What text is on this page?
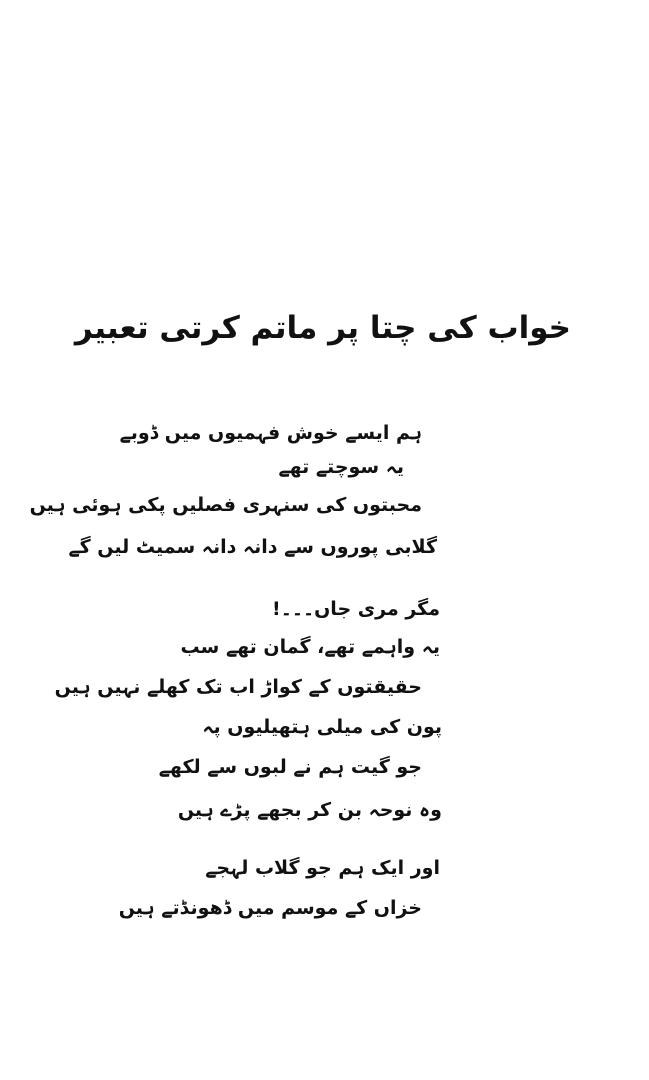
خواب کی چتا پر ماتم کرتی تعبیر
ہم ایسے خوش فہمیوں میں ڈوبے
یہ سوچتے تھے
محبتوں کی سنہری فصلیں پکی ہوئی ہیں
گلابی پوروں سے دانہ دانہ سمیٹ لیں گے
مگر مری جاں۔۔۔!
یہ واہمے تھے، گمان تھے سب
حقیقتوں کے کواڑ اب تک کھلے نہیں ہیں
پون کی میلی ہتھیلیوں پہ
جو گیت ہم نے لبوں سے لکھے
وہ نوحہ بن کر بجھے پڑے ہیں
اور ایک ہم جو گلاب لہجے
خزاں کے موسم میں ڈھونڈتے ہیں
